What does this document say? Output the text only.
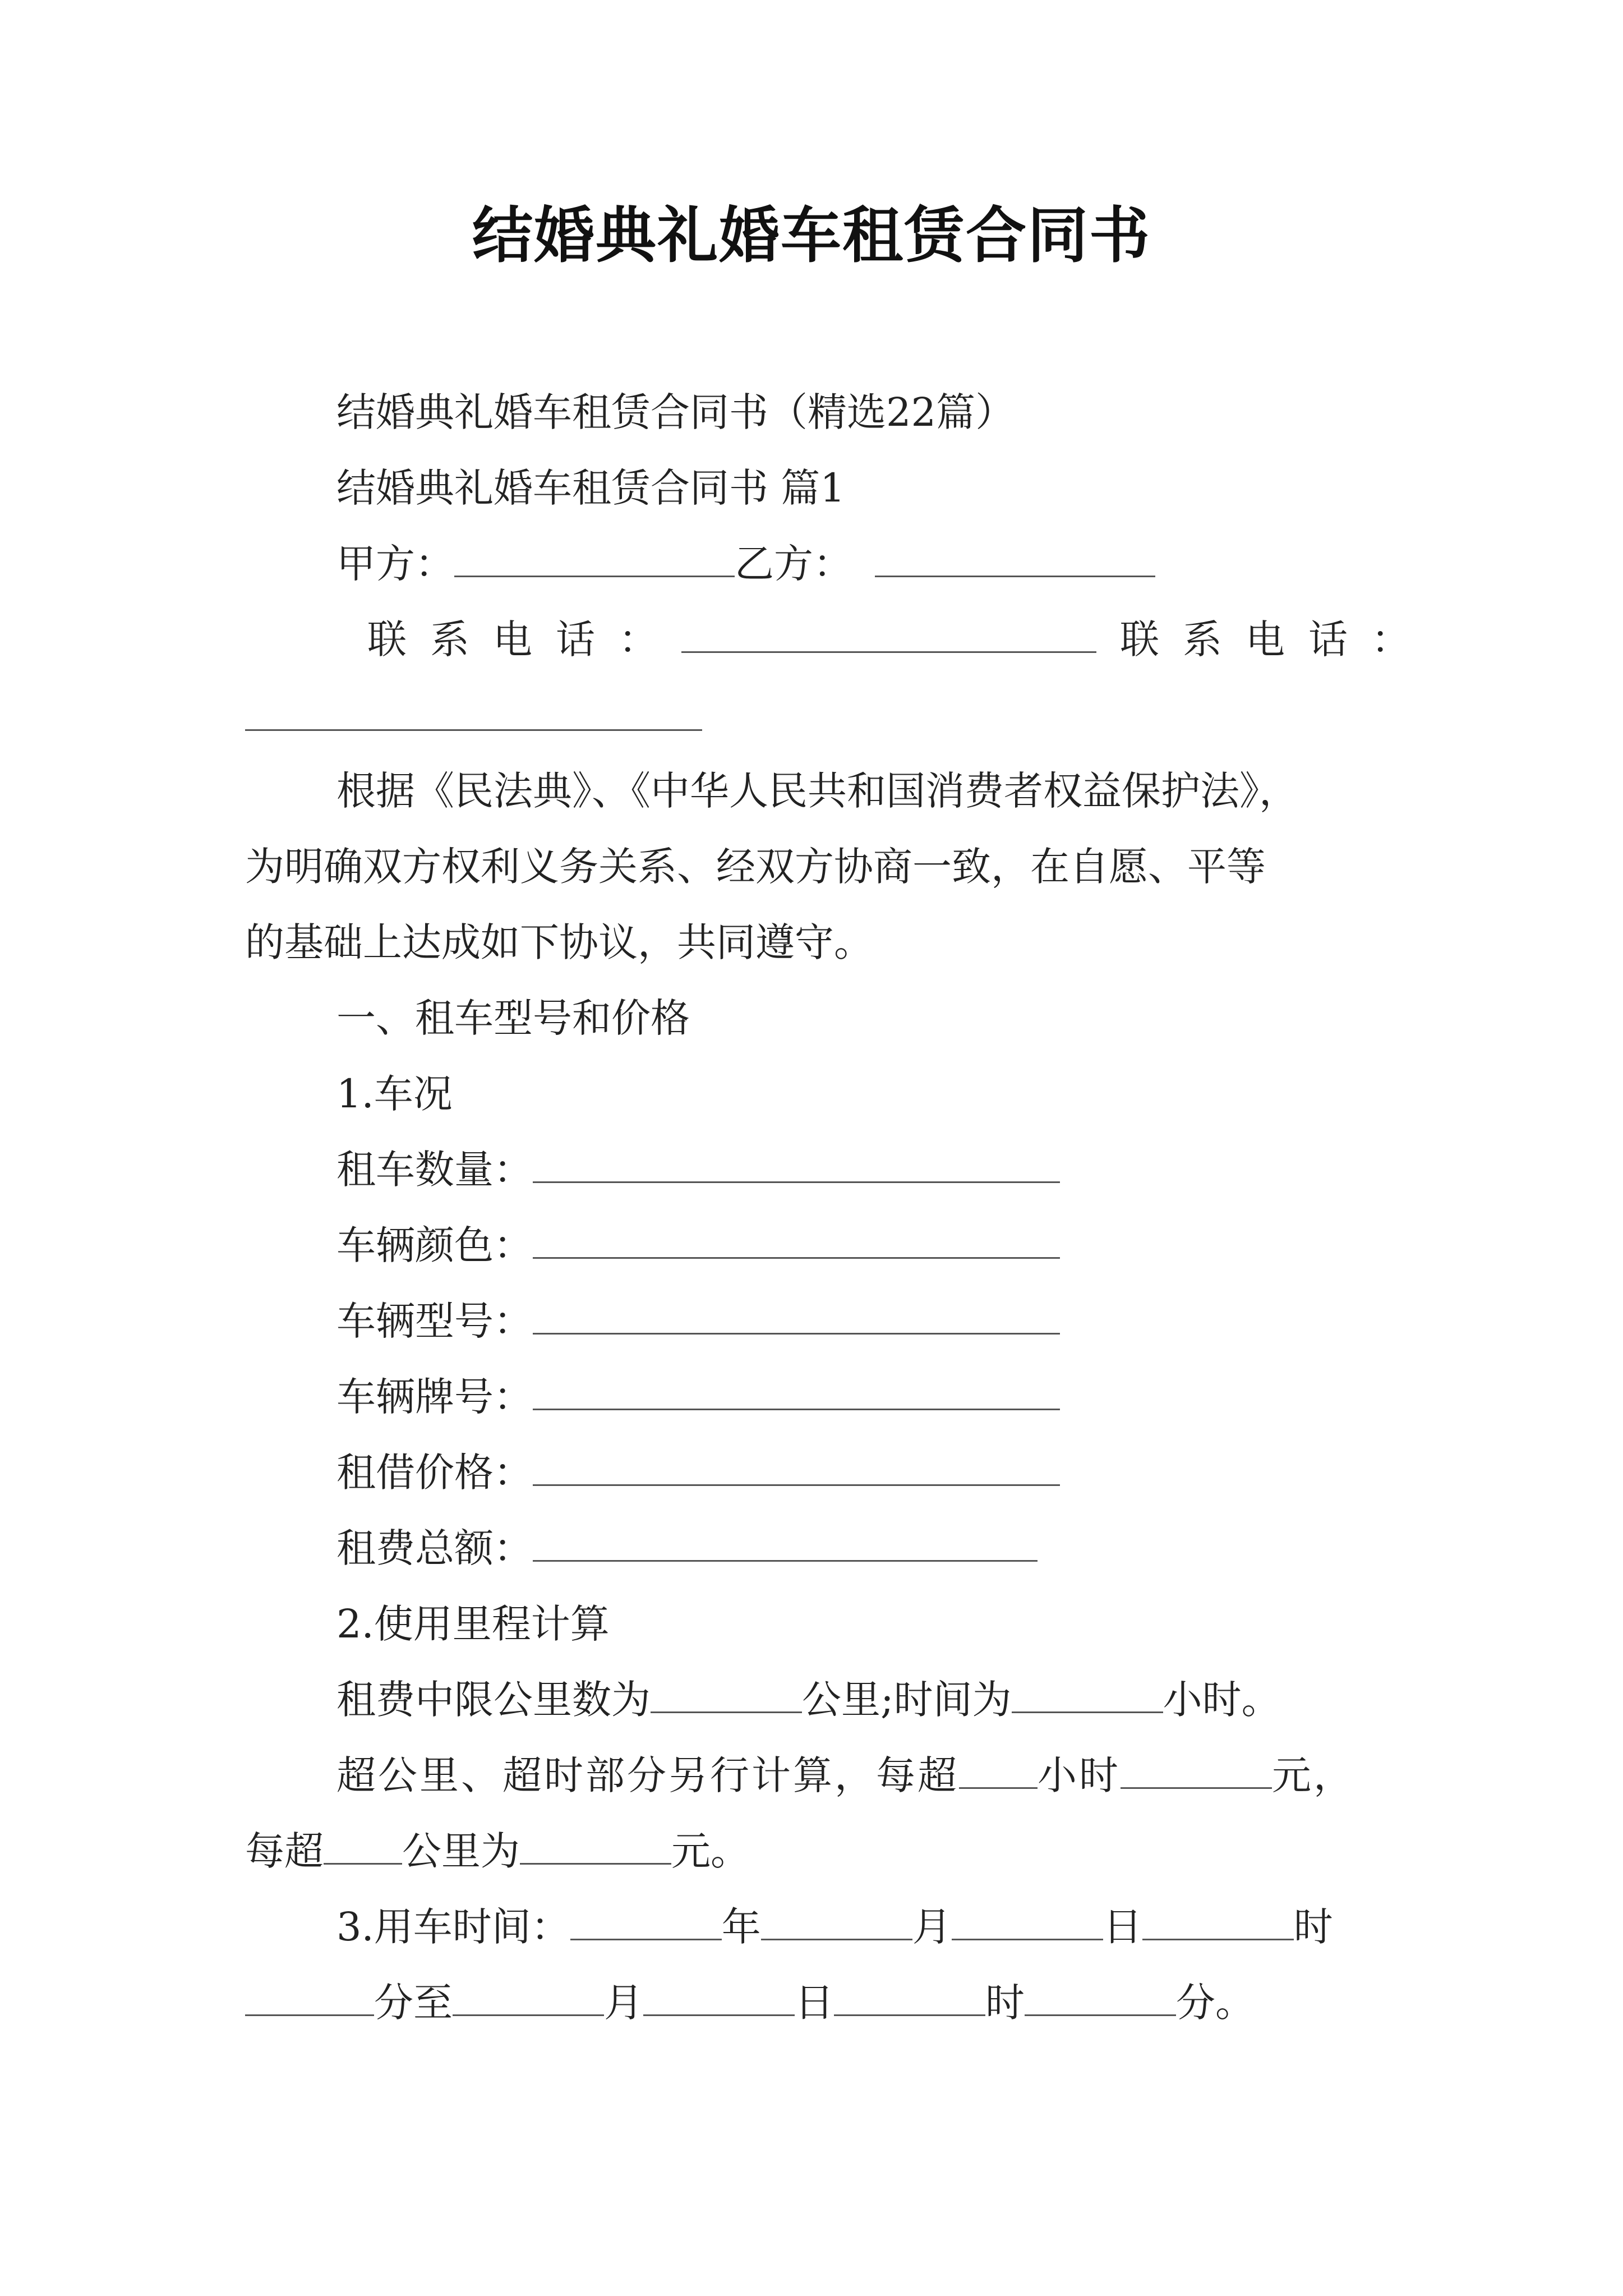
结婚典礼婚车租赁合同书
结婚典礼婚车租赁合同书（精选22篇）
结婚典礼婚车租赁合同书 篇1
甲方：	乙方：
联系电话：	联系电话：
根据《民法典》、《中华人民共和国消费者权益保护法》，
为明确双方权利义务关系、经双方协商一致，在自愿、平等
的基础上达成如下协议，共同遵守。
一、租车型号和价格
1.车况
租车数量：
车辆颜色：
车辆型号：
车辆牌号：
租借价格：
租费总额：
2.使用里程计算
租费中限公里数为	公里;时间为	小时。
超公里、超时部分另行计算，每超 小时	元，
每超 公里为	元。
3.用车时间：	年	月	日	时
分至	月	日	时	分。
